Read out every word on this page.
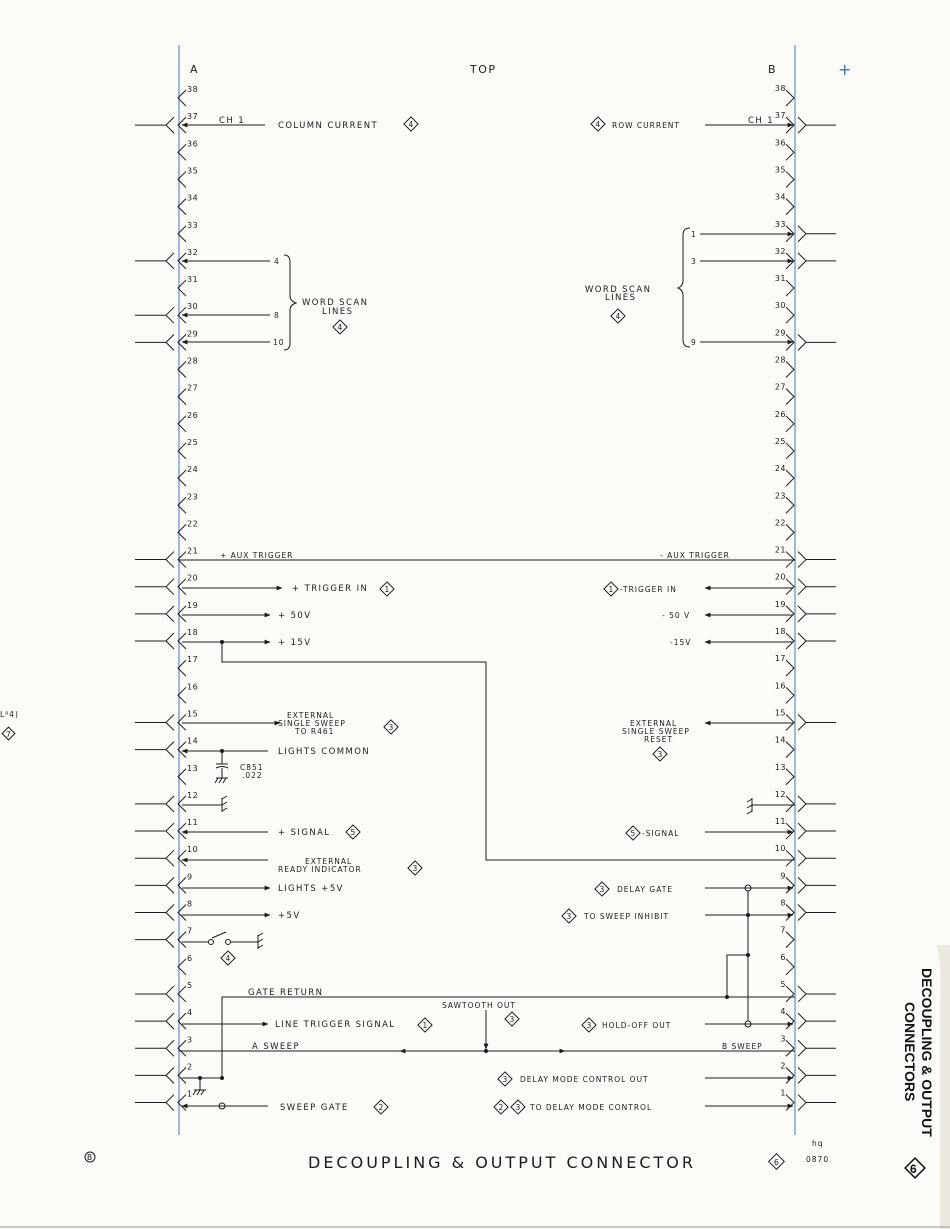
+
A	TOP	B
38
37
36
35
34
33
32
31
30
29
28
27
26
25
24
23
22
21
20
19
18
17
16
15
14
13
12
11
10
9
8
7
6
5
4
3
2
1
38
37
36
35
34
33
32
31
30
29
28
27
26
25
24
23
22
21
20
19
18
17
16
15
14
13
12
11
10
9
8
7
6
5
4
3
2
1
CH 1	COLUMN CURRENT	4
4
8
10
WORD SCAN
LINES
4
+ AUX TRIGGER
+ TRIGGER IN 1
+ 50V
+ 15V
EXTERNAL
SINGLE SWEEP
TO R461	3
LIGHTS COMMON
C851
.022
+ SIGNAL	5
EXTERNAL
READY INDICATOR	3
LIGHTS +5V
+5V
4
GATE RETURN
LINE TRIGGER SIGNAL	1
A SWEEP
SWEEP GATE	2
4 ROW CURRENT	CH 1
1
3
9
WORD SCAN
LINES
4
- AUX TRIGGER
1 -TRIGGER IN
- 50 V
-15V
EXTERNAL
SINGLE SWEEP
RESET
3
5 -SIGNAL
3 DELAY GATE
3 TO SWEEP INHIBIT
SAWTOOTH OUT
3
3 HOLD-OFF OUT
B SWEEP
3 DELAY MODE CONTROL OUT
2 3 TO DELAY MODE CONTROL
B	DECOUPLING & OUTPUT CONNECTOR	6
hq
0870
L⁸4)
7
DECOUPLING & OUTPUT
CONNECTORS
6
